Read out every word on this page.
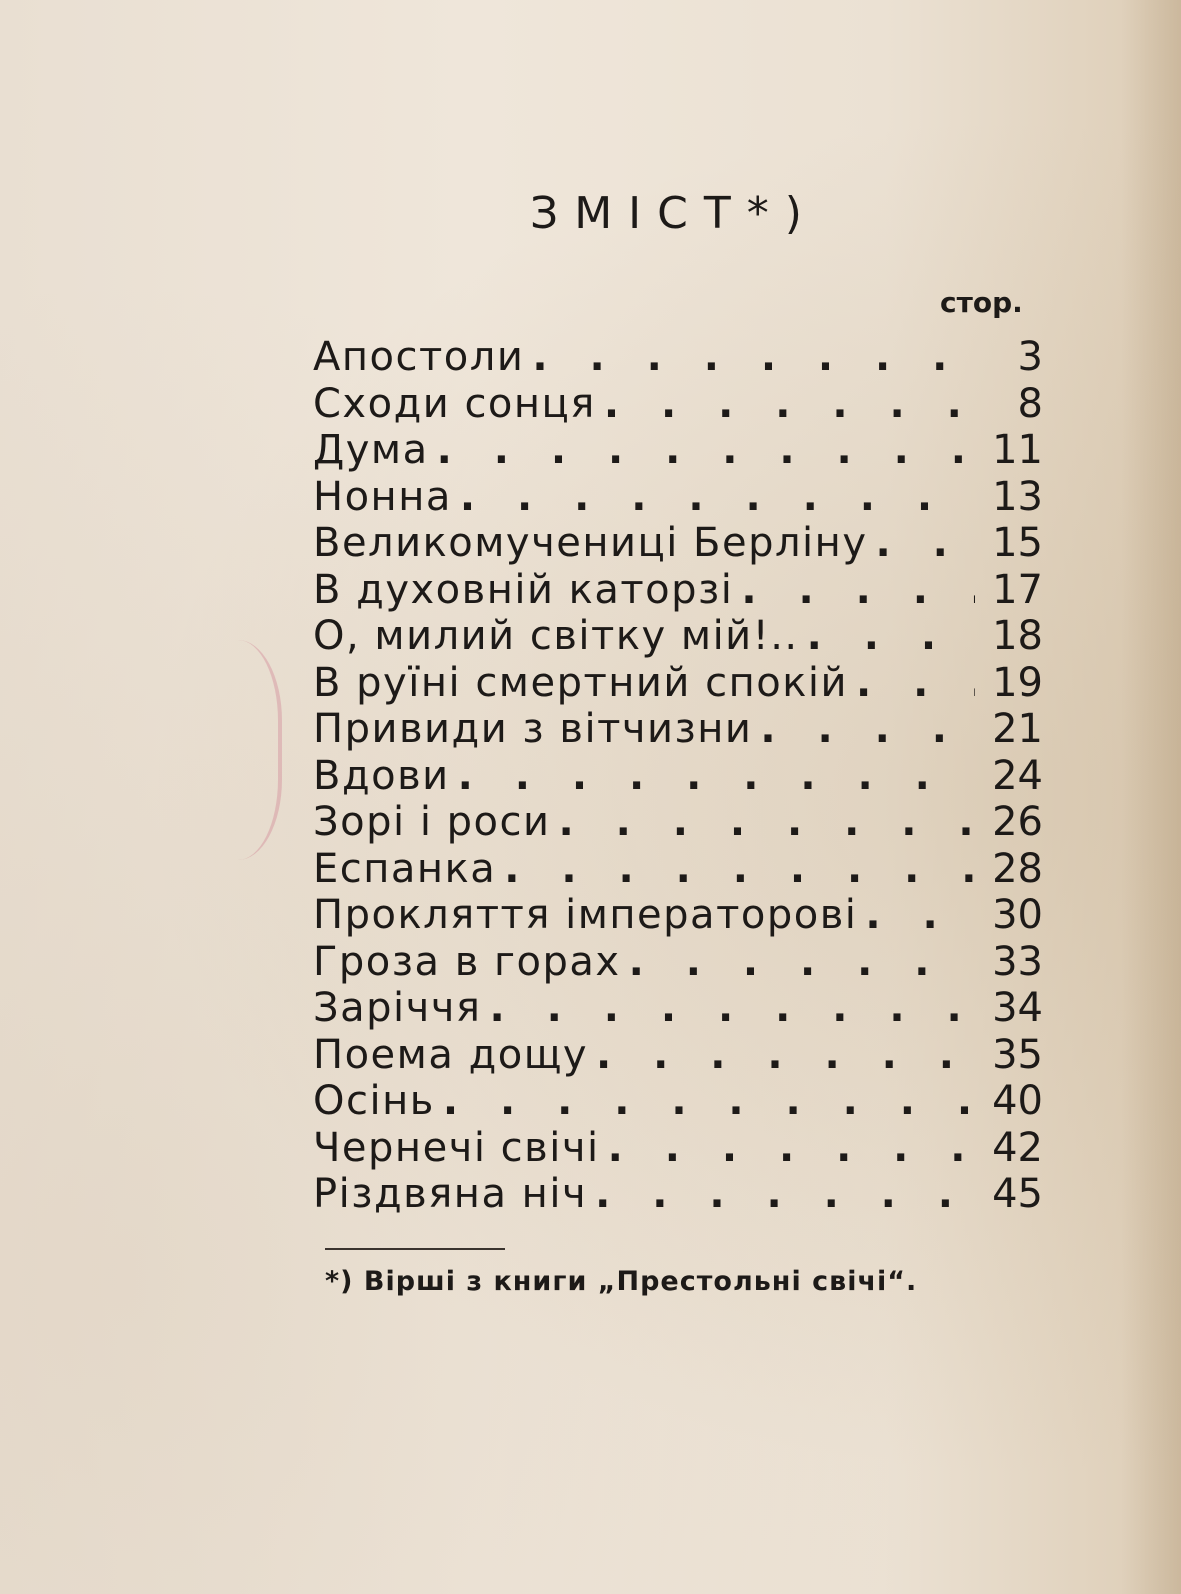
ЗМІСТ*)
стор.
Апостоли . . .	3
Сходи сонця . . .	8
Дума . . .	11
Нонна . . .	13
Великомучениці Берліну . . .	15
В духовній каторзі . . .	17
О, милий світку мій!.. . . .	18
В руїні смертний спокій . . .	19
Привиди з вітчизни . . .	21
Вдови . . .	24
Зорі і роси . . .	26
Еспанка . . .	28
Прокляття імператорові . . .	30
Гроза в горах . . .	33
Заріччя . . .	34
Поема дощу . . .	35
Осінь . . .	40
Чернечі свічі . . .	42
Різдвяна ніч . . .	45
*) Вірші з книги „Престольні свічі“.
